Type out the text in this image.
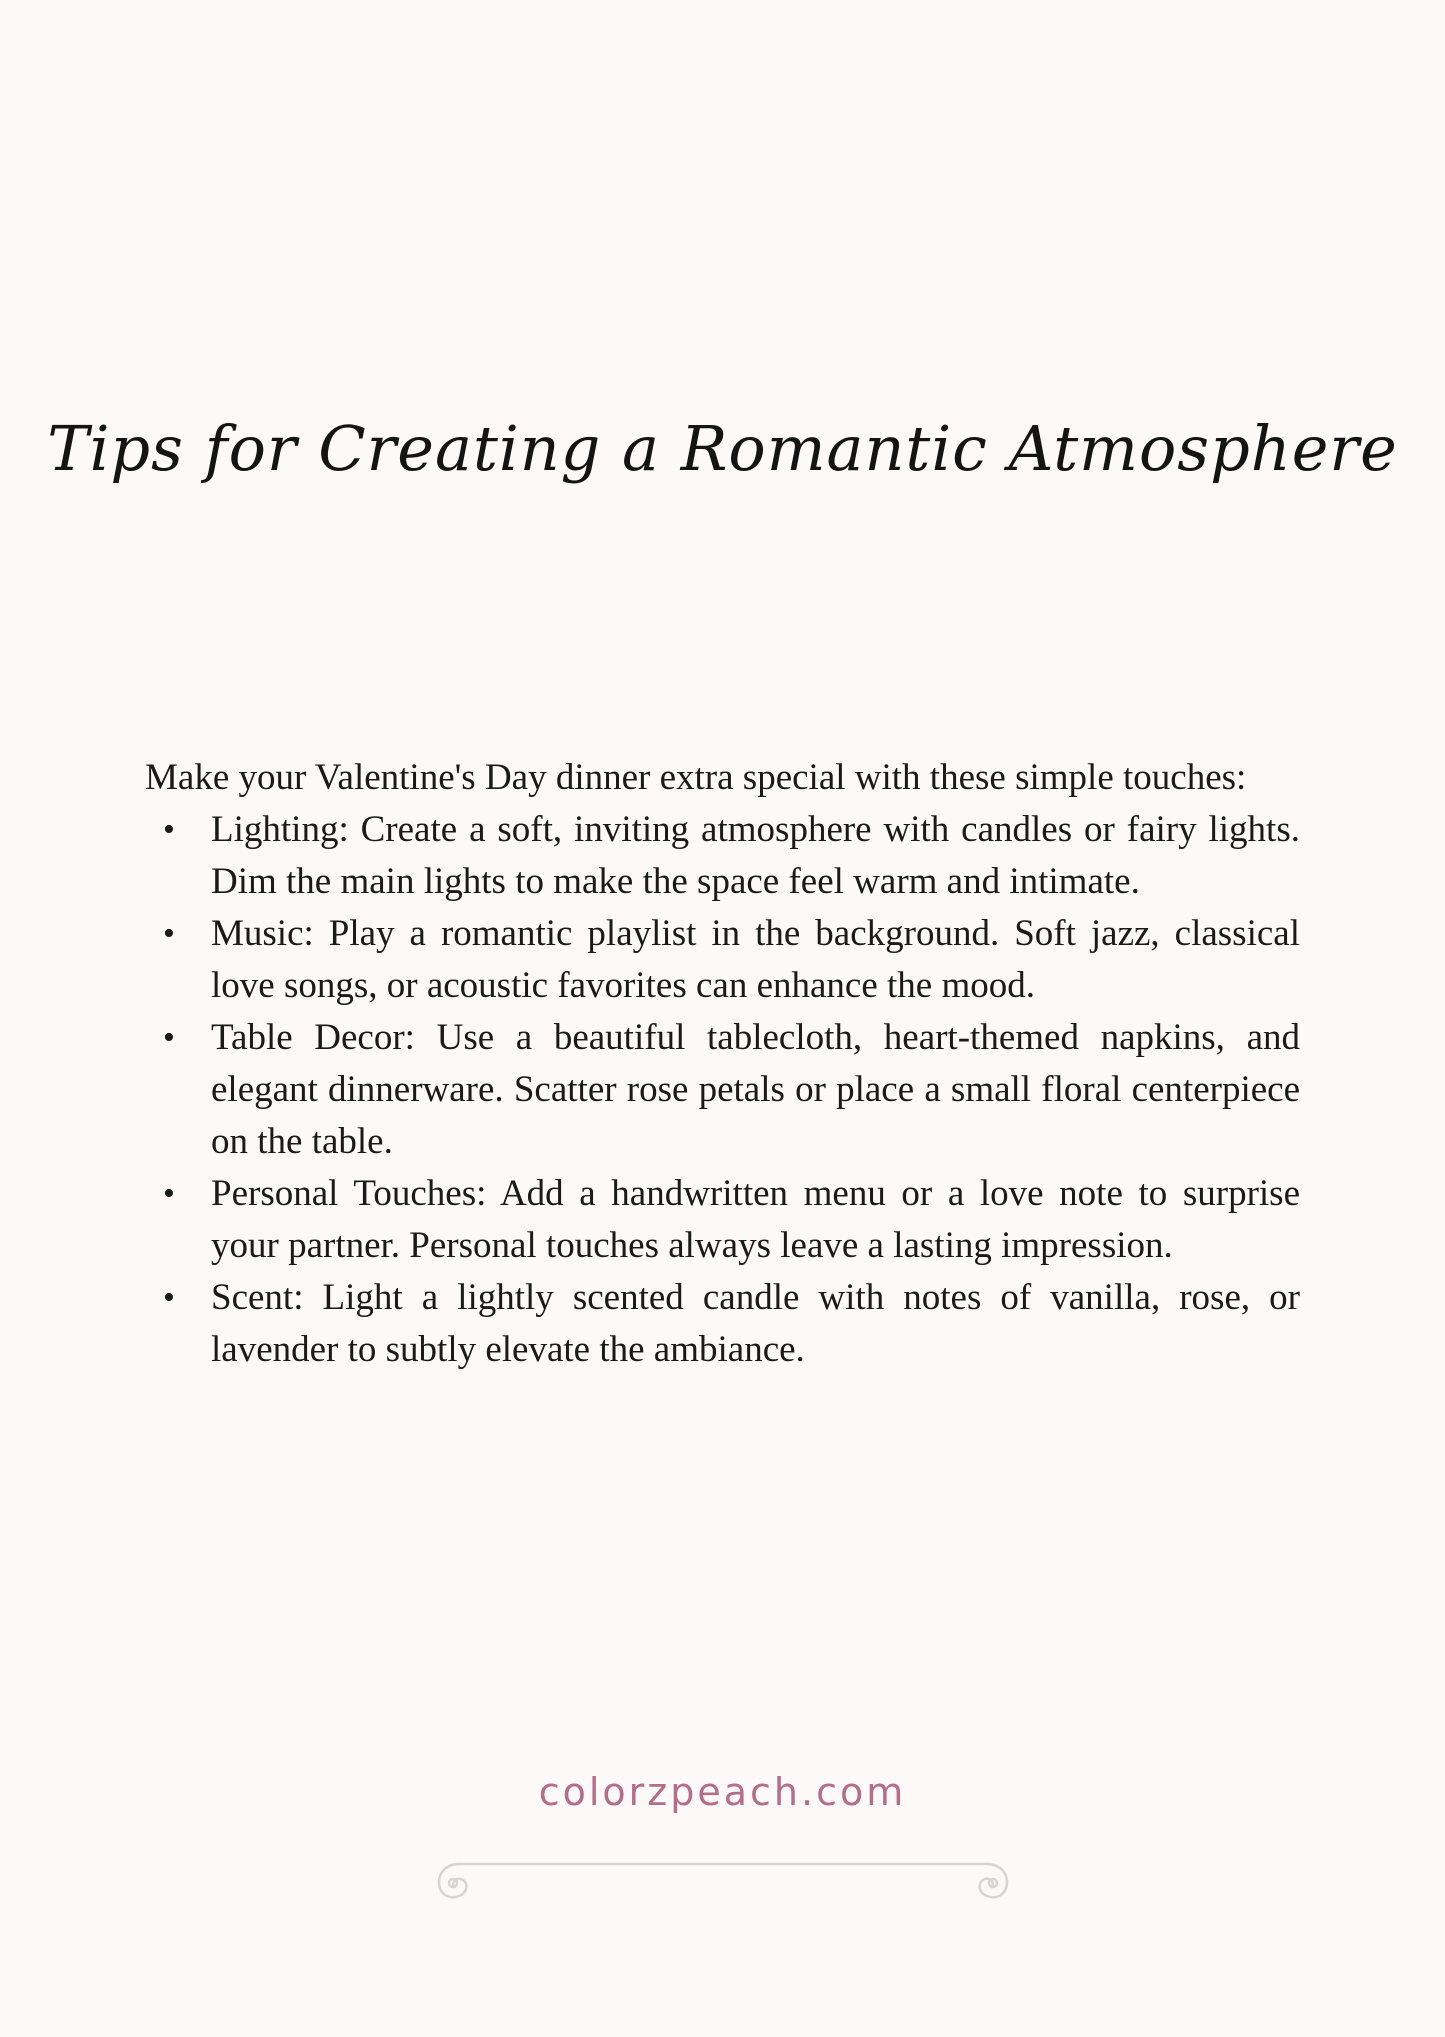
Tips for Creating a Romantic Atmosphere

Make your Valentine's Day dinner extra special with these simple touches:

• Lighting: Create a soft, inviting atmosphere with candles or fairy lights. Dim the main lights to make the space feel warm and intimate.
• Music: Play a romantic playlist in the background. Soft jazz, classical love songs, or acoustic favorites can enhance the mood.
• Table Decor: Use a beautiful tablecloth, heart-themed napkins, and elegant dinnerware. Scatter rose petals or place a small floral centerpiece on the table.
• Personal Touches: Add a handwritten menu or a love note to surprise your partner. Personal touches always leave a lasting impression.
• Scent: Light a lightly scented candle with notes of vanilla, rose, or lavender to subtly elevate the ambiance.
colorzpeach.com
